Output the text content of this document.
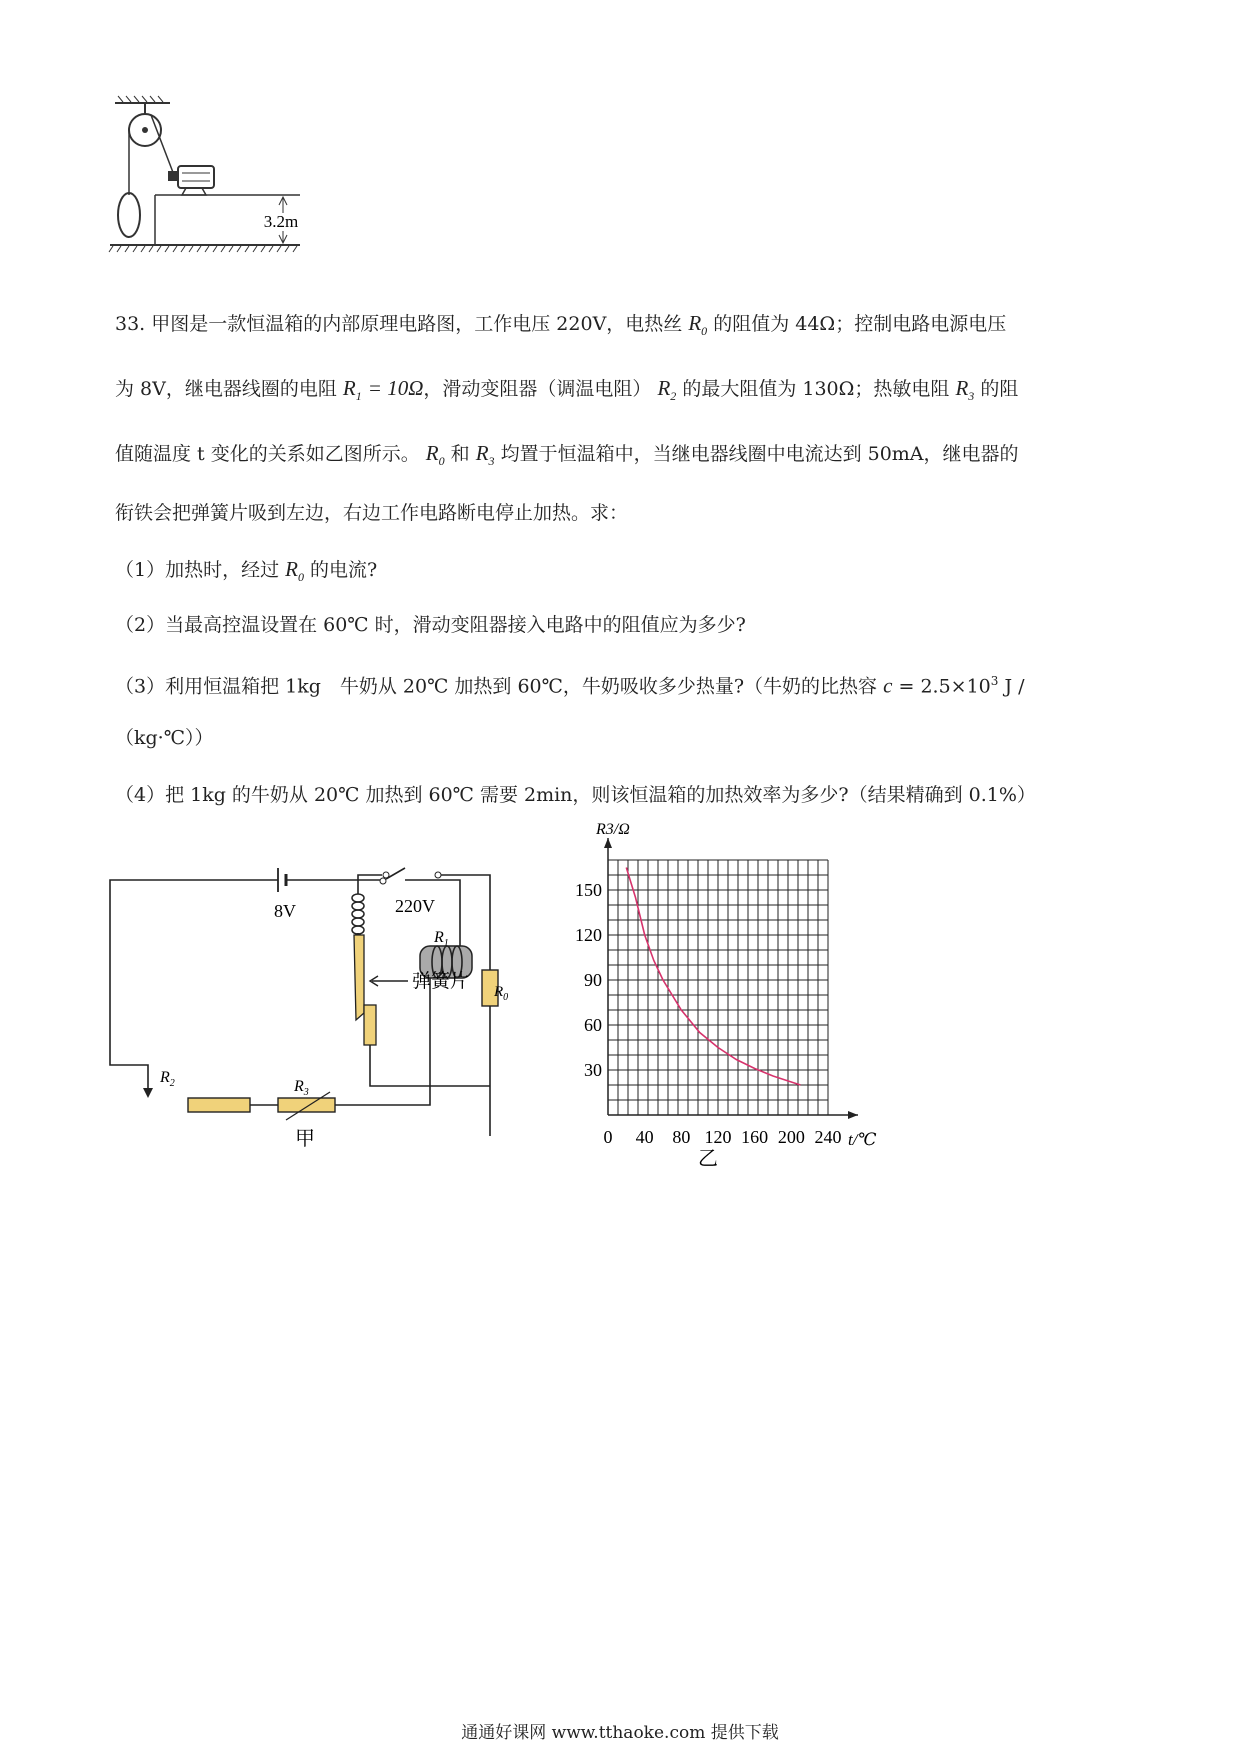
3.2m
33. 甲图是一款恒温箱的内部原理电路图，工作电压 220V，电热丝 $R_0$ 的阻值为 44Ω；控制电路电源电压
为 8V，继电器线圈的电阻 $R_1 = 10\Omega$，滑动变阻器（调温电阻） $R_2$ 的最大阻值为 130Ω；热敏电阻 $R_3$ 的阻
值随温度 t 变化的关系如乙图所示。 $R_0$ 和 $R_3$ 均置于恒温箱中，当继电器线圈中电流达到 50mA，继电器的
衔铁会把弹簧片吸到左边，右边工作电路断电停止加热。求：
（1）加热时，经过 $R_0$ 的电流?
（2）当最高控温设置在 60℃ 时，滑动变阻器接入电路中的阻值应为多少?
（3）利用恒温箱把 1kg　牛奶从 20℃ 加热到 60℃，牛奶吸收多少热量?（牛奶的比热容 $c = 2.5\times 10^3$ J /
（kg·℃））
（4）把 1kg 的牛奶从 20℃ 加热到 60℃ 需要 2min，则该恒温箱的加热效率为多少?（结果精确到 0.1%）
8V
$R_1$
$R_3$
$R_2$
甲
220V
$R_0$
弹簧片
0 40 80 120 160 200 240
30
60
90
120
150
R3/Ω
t/℃
乙
通通好课网 www.tthaoke.com 提供下载
